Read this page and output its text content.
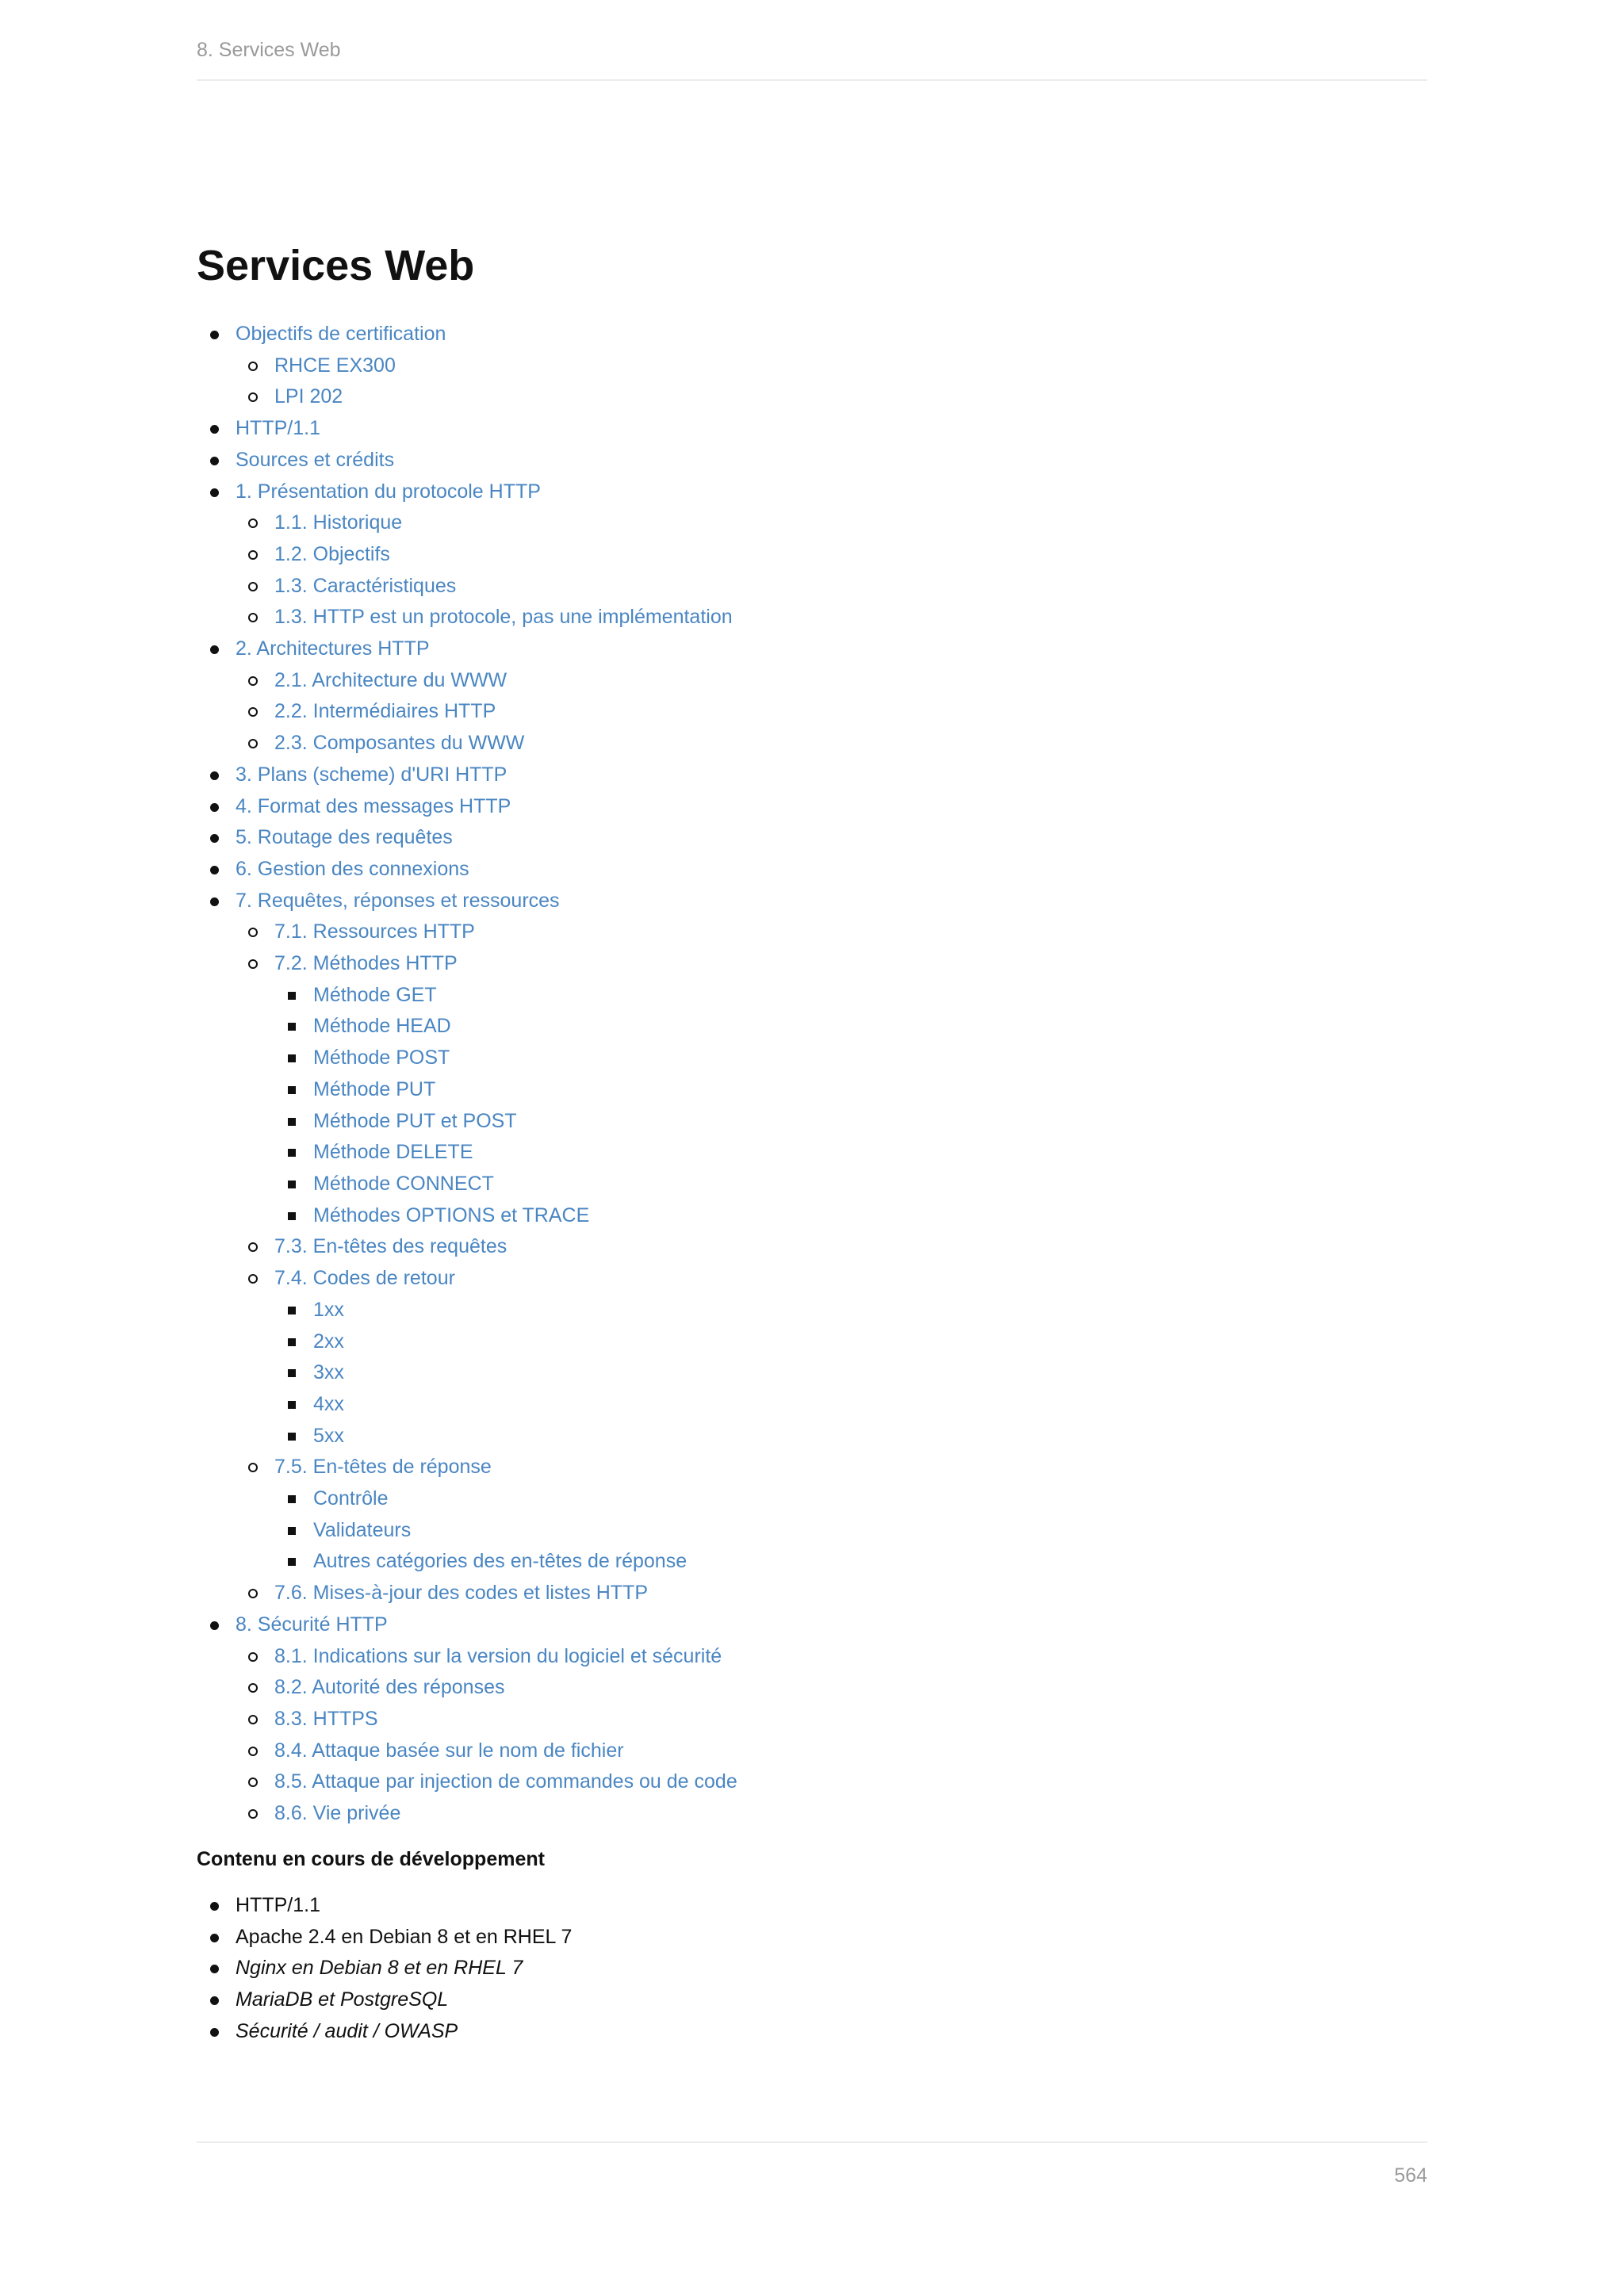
8. Services Web
Services Web
Objectifs de certification
RHCE EX300
LPI 202
HTTP/1.1
Sources et crédits
1. Présentation du protocole HTTP
1.1. Historique
1.2. Objectifs
1.3. Caractéristiques
1.3. HTTP est un protocole, pas une implémentation
2. Architectures HTTP
2.1. Architecture du WWW
2.2. Intermédiaires HTTP
2.3. Composantes du WWW
3. Plans (scheme) d'URI HTTP
4. Format des messages HTTP
5. Routage des requêtes
6. Gestion des connexions
7. Requêtes, réponses et ressources
7.1. Ressources HTTP
7.2. Méthodes HTTP
Méthode GET
Méthode HEAD
Méthode POST
Méthode PUT
Méthode PUT et POST
Méthode DELETE
Méthode CONNECT
Méthodes OPTIONS et TRACE
7.3. En-têtes des requêtes
7.4. Codes de retour
1xx
2xx
3xx
4xx
5xx
7.5. En-têtes de réponse
Contrôle
Validateurs
Autres catégories des en-têtes de réponse
7.6. Mises-à-jour des codes et listes HTTP
8. Sécurité HTTP
8.1. Indications sur la version du logiciel et sécurité
8.2. Autorité des réponses
8.3. HTTPS
8.4. Attaque basée sur le nom de fichier
8.5. Attaque par injection de commandes ou de code
8.6. Vie privée
Contenu en cours de développement
HTTP/1.1
Apache 2.4 en Debian 8 et en RHEL 7
Nginx en Debian 8 et en RHEL 7
MariaDB et PostgreSQL
Sécurité / audit / OWASP
564
